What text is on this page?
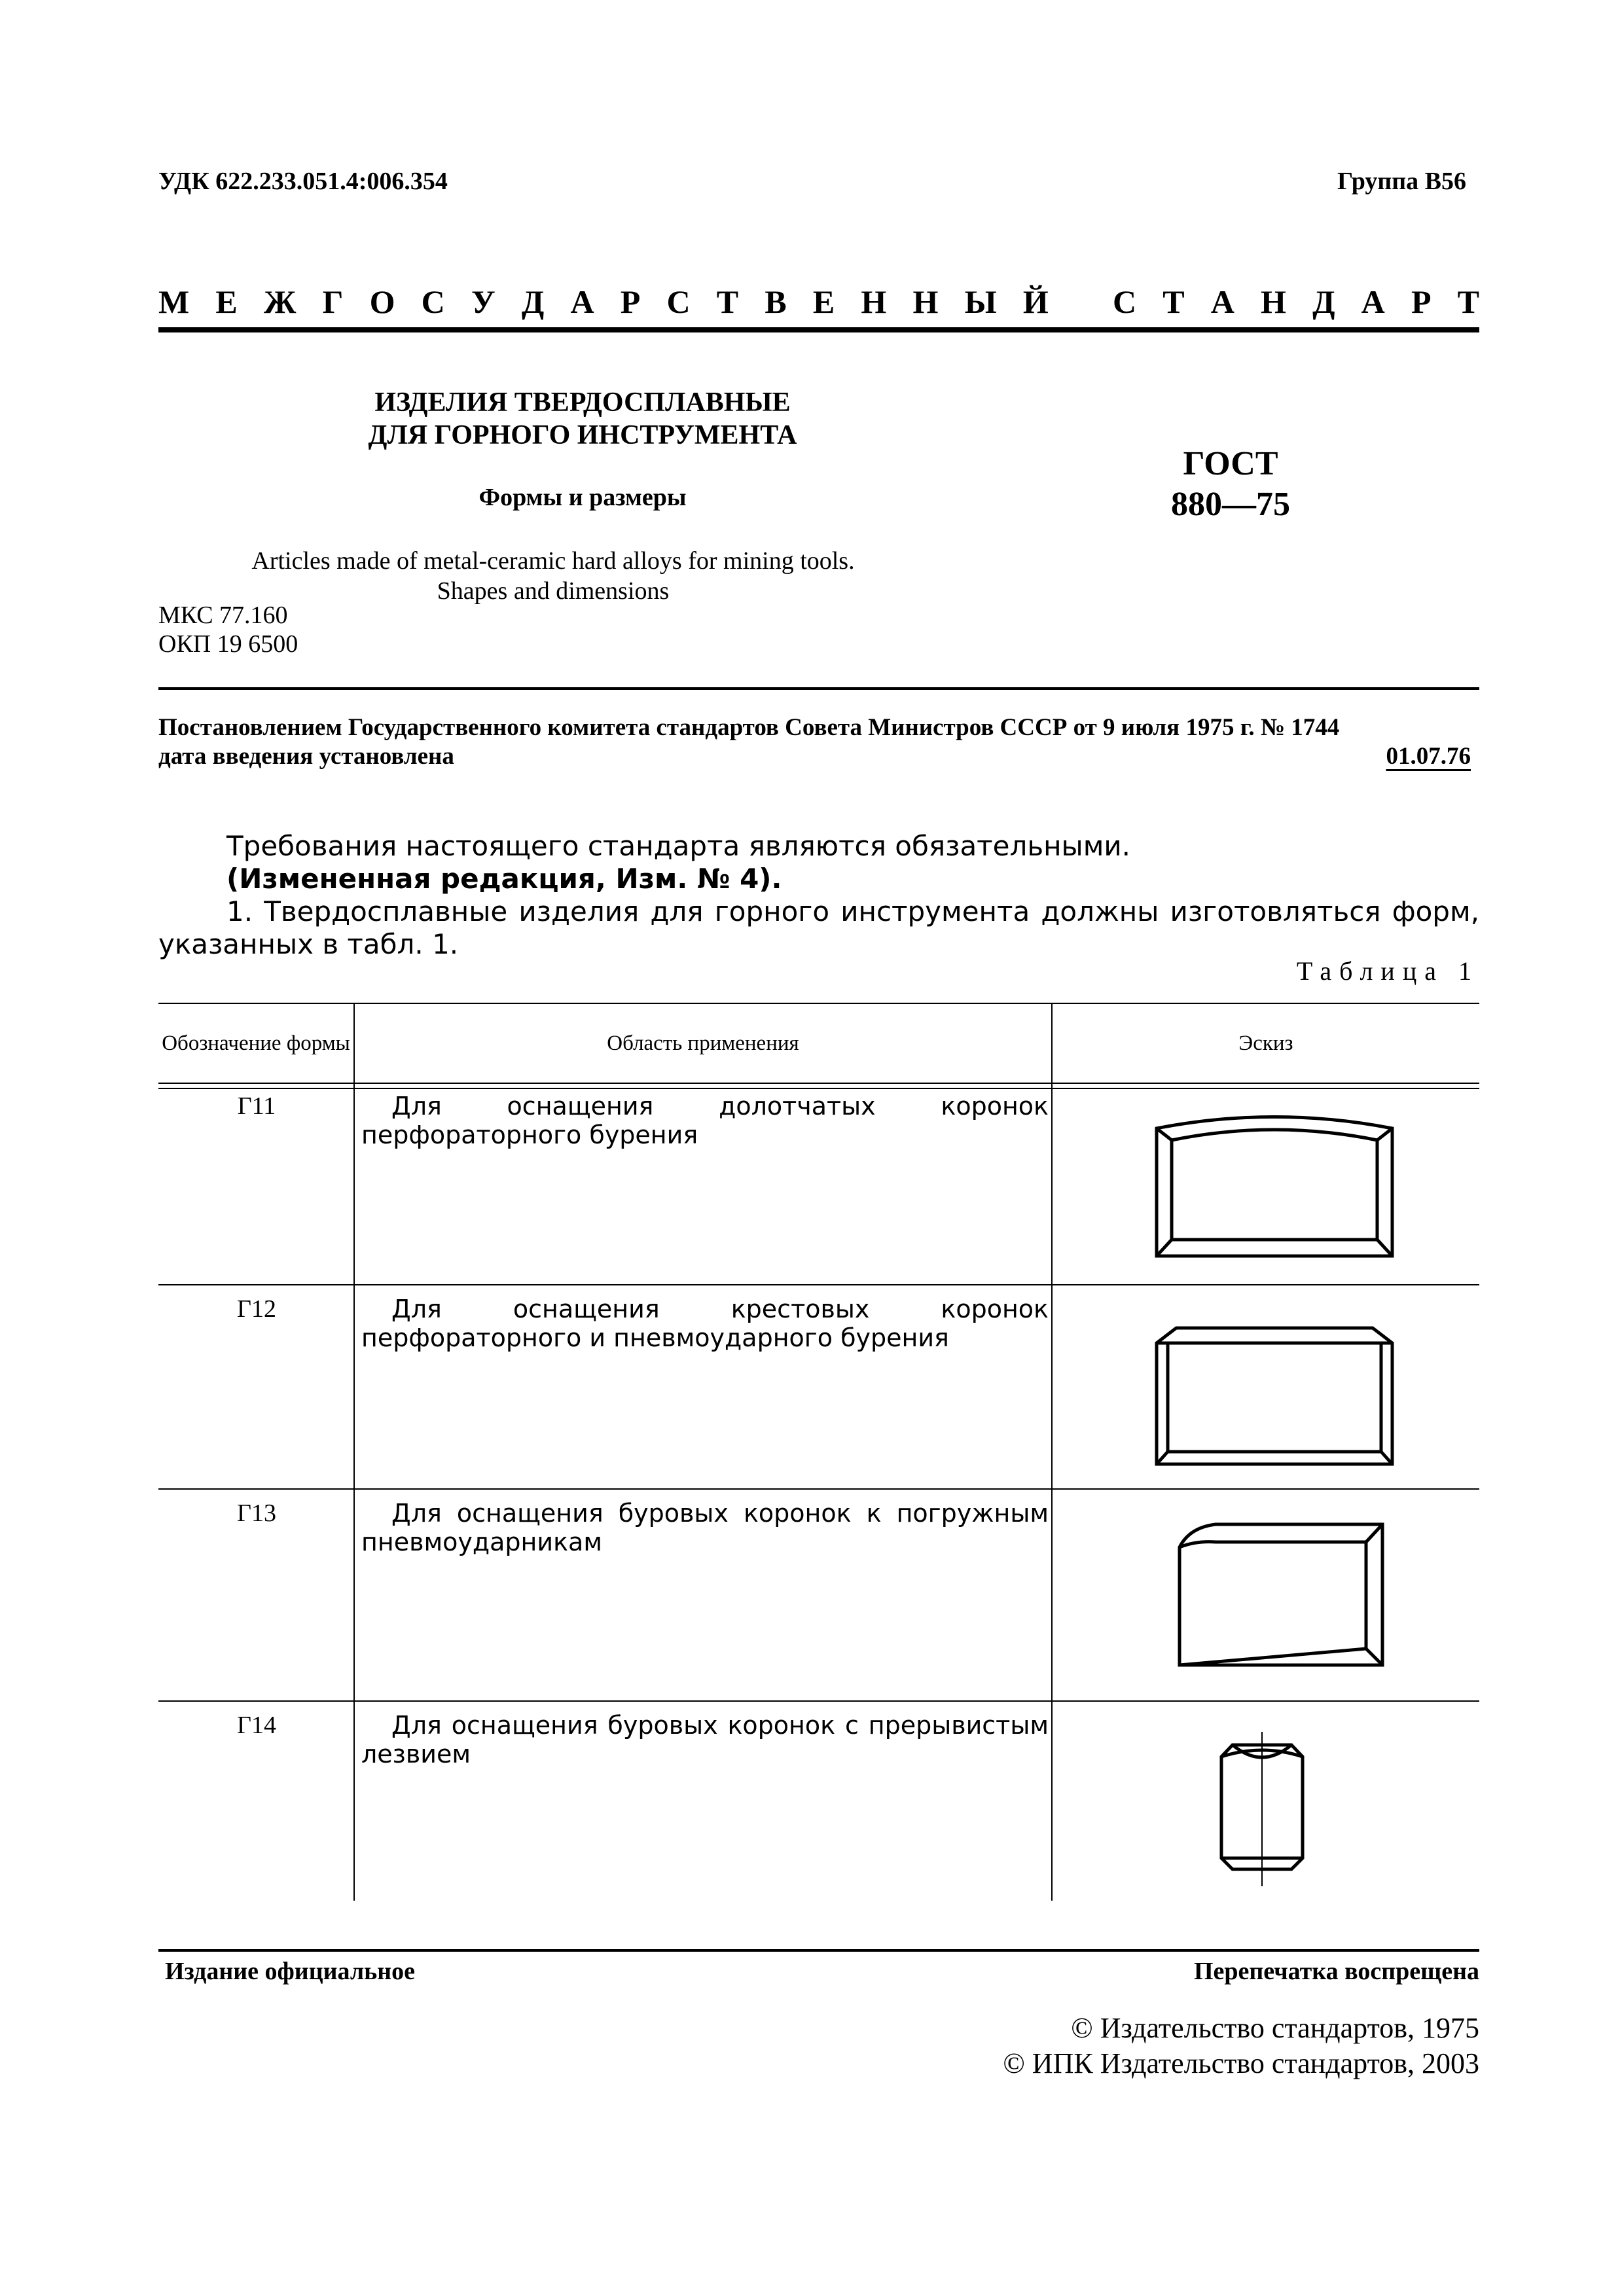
УДК 622.233.051.4:006.354	Группа В56
М Е Ж Г О С У Д А Р С Т В Е Н Н Ы Й С Т А Н Д А Р Т
ИЗДЕЛИЯ ТВЕРДОСПЛАВНЫЕ
ДЛЯ ГОРНОГО ИНСТРУМЕНТА
Формы и размеры
ГОСТ
880—75
Articles made of metal-ceramic hard alloys for mining tools.
Shapes and dimensions
МКС 77.160
ОКП 19 6500
Постановлением Государственного комитета стандартов Совета Министров СССР от 9 июля 1975 г. № 1744
дата введения установлена	01.07.76
Требования настоящего стандарта являются обязательными.
(Измененная редакция, Изм. № 4).
1. Твердосплавные изделия для горного инструмента должны изготовляться форм, указанных в табл. 1.
Таблица 1
Обозначение формы	Область применения	Эскиз
Г11	Для оснащения долотчатых коронок перфораторного бурения
Г12	Для оснащения крестовых коронок перфораторного и пневмоударного бурения
Г13	Для оснащения буровых коронок к погружным пневмоударникам
Г14	Для оснащения буровых коронок с прерывистым лезвием
Издание официальное	Перепечатка воспрещена
© Издательство стандартов, 1975
© ИПК Издательство стандартов, 2003
